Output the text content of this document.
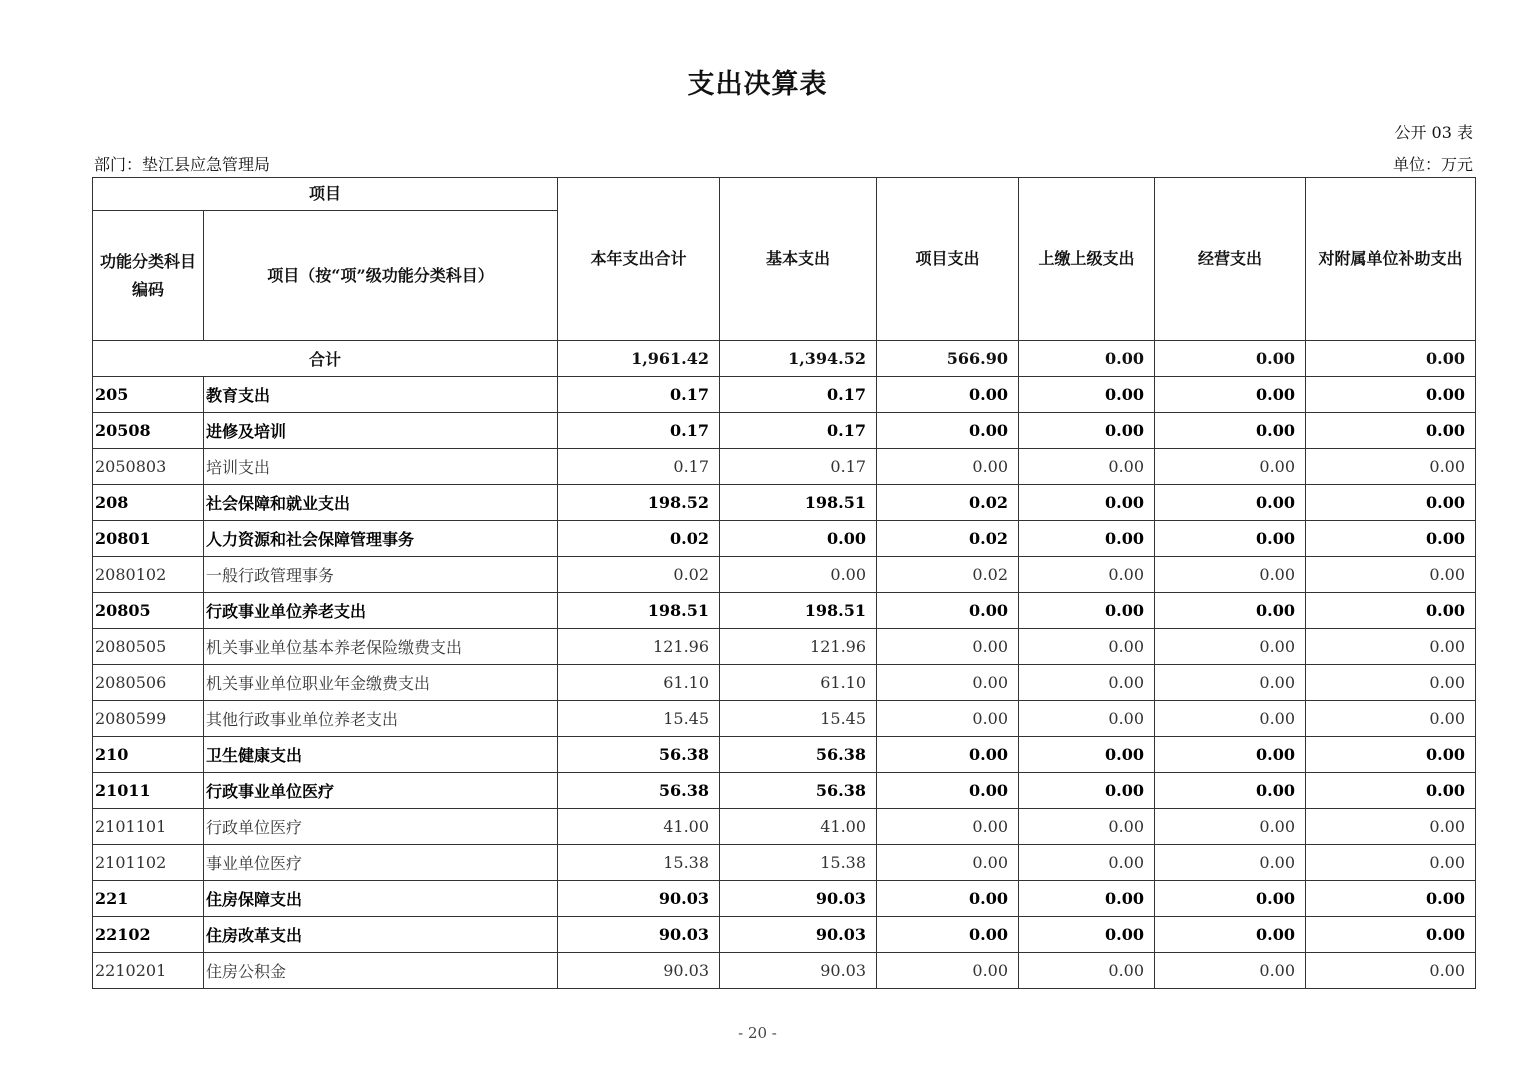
支出决算表
公开 03 表
部门：垫江县应急管理局	单位：万元
项目		本年支出合计	基本支出	项目支出	上缴上级支出	经营支出	对附属单位补助支出
功能分类科目编码	项目（按“项”级功能分类科目）						
合计		1,961.42	1,394.52	566.90	0.00	0.00	0.00
205	教育支出	0.17	0.17	0.00	0.00	0.00	0.00
20508	进修及培训	0.17	0.17	0.00	0.00	0.00	0.00
2050803	培训支出	0.17	0.17	0.00	0.00	0.00	0.00
208	社会保障和就业支出	198.52	198.51	0.02	0.00	0.00	0.00
20801	人力资源和社会保障管理事务	0.02	0.00	0.02	0.00	0.00	0.00
2080102	一般行政管理事务	0.02	0.00	0.02	0.00	0.00	0.00
20805	行政事业单位养老支出	198.51	198.51	0.00	0.00	0.00	0.00
2080505	机关事业单位基本养老保险缴费支出	121.96	121.96	0.00	0.00	0.00	0.00
2080506	机关事业单位职业年金缴费支出	61.10	61.10	0.00	0.00	0.00	0.00
2080599	其他行政事业单位养老支出	15.45	15.45	0.00	0.00	0.00	0.00
210	卫生健康支出	56.38	56.38	0.00	0.00	0.00	0.00
21011	行政事业单位医疗	56.38	56.38	0.00	0.00	0.00	0.00
2101101	行政单位医疗	41.00	41.00	0.00	0.00	0.00	0.00
2101102	事业单位医疗	15.38	15.38	0.00	0.00	0.00	0.00
221	住房保障支出	90.03	90.03	0.00	0.00	0.00	0.00
22102	住房改革支出	90.03	90.03	0.00	0.00	0.00	0.00
2210201	住房公积金	90.03	90.03	0.00	0.00	0.00	0.00
- 20 -
